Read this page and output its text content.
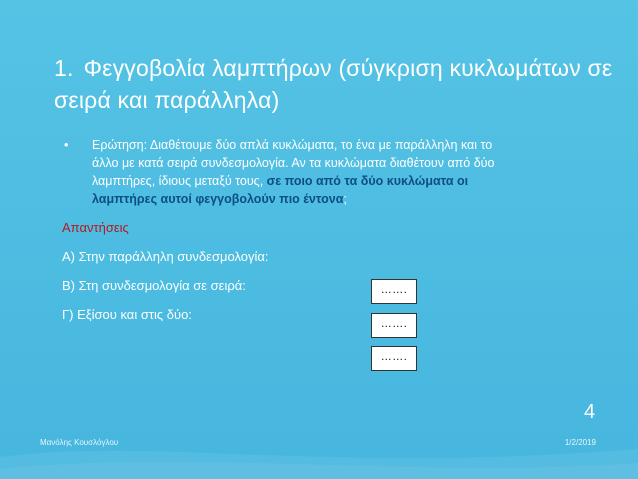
1. Φεγγοβολία λαμπτήρων (σύγκριση κυκλωμάτων σε σειρά και παράλληλα)
• Ερώτηση: Διαθέτουμε δύο απλά κυκλώματα, το ένα με παράλληλη και το άλλο με κατά σειρά συνδεσμολογία. Αν τα κυκλώματα διαθέτουν από δύο λαμπτήρες, ίδιους μεταξύ τους, σε ποιο από τα δύο κυκλώματα οι λαμπτήρες αυτοί φεγγοβολούν πιο έντονα;
Απαντήσεις
Α) Στην παράλληλη συνδεσμολογία:
Β) Στη συνδεσμολογία σε σειρά:
Γ) Εξίσου και στις δύο:
…….
…….
…….
4
Μανόλης Κουσλόγλου	1/2/2019
